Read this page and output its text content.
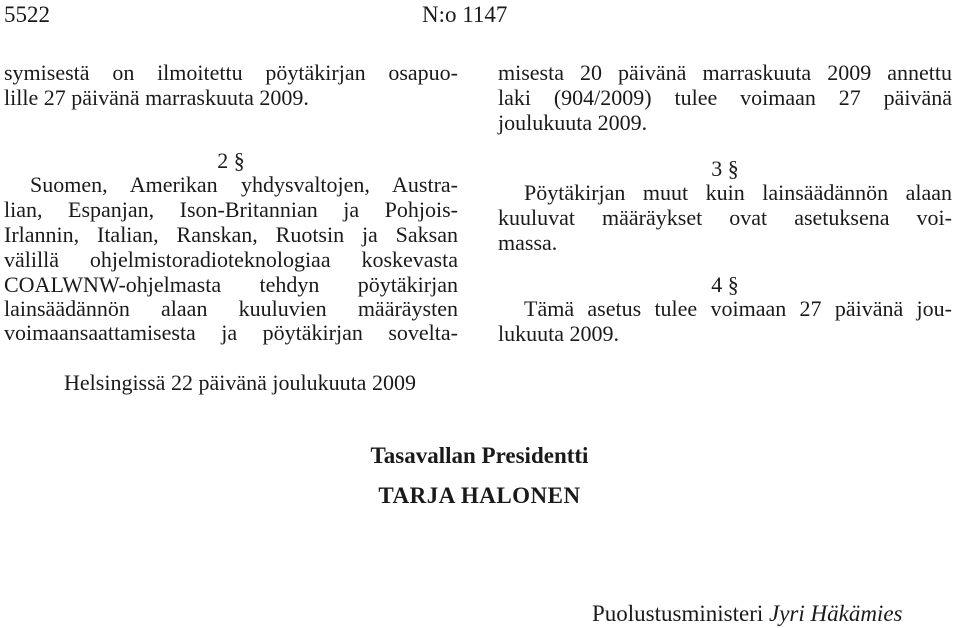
5522	N:o 1147
symisestä on ilmoitettu pöytäkirjan osapuo-
lille 27 päivänä marraskuuta 2009.
2 §
Suomen, Amerikan yhdysvaltojen, Austra-
lian, Espanjan, Ison-Britannian ja Pohjois-
Irlannin, Italian, Ranskan, Ruotsin ja Saksan
välillä ohjelmistoradioteknologiaa koskevasta
COALWNW-ohjelmasta tehdyn pöytäkirjan
lainsäädännön alaan kuuluvien määräysten
voimaansaattamisesta ja pöytäkirjan sovelta-
misesta 20 päivänä marraskuuta 2009 annettu
laki (904/2009) tulee voimaan 27 päivänä
joulukuuta 2009.
3 §
Pöytäkirjan muut kuin lainsäädännön alaan
kuuluvat määräykset ovat asetuksena voi-
massa.
4 §
Tämä asetus tulee voimaan 27 päivänä jou-
lukuuta 2009.
Helsingissä 22 päivänä joulukuuta 2009
Tasavallan Presidentti
TARJA HALONEN
Puolustusministeri Jyri Häkämies
